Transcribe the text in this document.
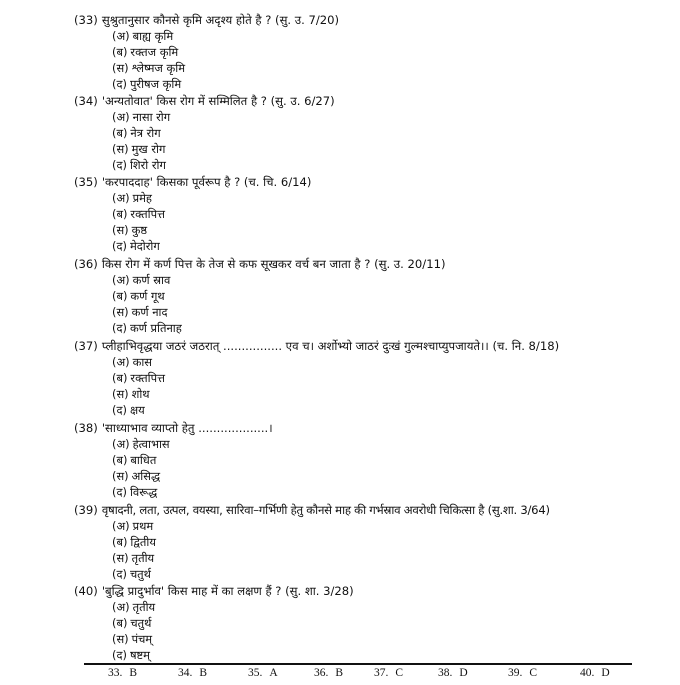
(33) सुश्रुतानुसार कौनसे कृमि अदृश्य होते है ? (सु. उ. 7/20)
(अ) बाह्य कृमि
(ब) रक्तज कृमि
(स) श्लेष्मज कृमि
(द) पुरीषज कृमि
(34) 'अन्यतोवात' किस रोग में सम्मिलित है ? (सु. उ. 6/27)
(अ) नासा रोग
(ब) नेत्र रोग
(स) मुख रोग
(द) शिरो रोग
(35) 'करपाददाह' किसका पूर्वरूप है ? (च. चि. 6/14)
(अ) प्रमेह
(ब) रक्तपित्त
(स) कुष्ठ
(द) मेदोरोग
(36) किस रोग में कर्ण पित्त के तेज से कफ सूखकर वर्च बन जाता है ? (सु. उ. 20/11)
(अ) कर्ण स्राव
(ब) कर्ण गूथ
(स) कर्ण नाद
(द) कर्ण प्रतिनाह
(37) प्लीहाभिवृद्धया जठरं जठरात् ................ एव च। अर्शोभ्यो जाठरं दुःखं गुल्मश्चाप्युपजायते।। (च. नि. 8/18)
(अ) कास
(ब) रक्तपित्त
(स) शोथ
(द) क्षय
(38) 'साध्याभाव व्याप्तो हेतु ...................।
(अ) हेत्वाभास
(ब) बाधित
(स) असिद्ध
(द) विरूद्ध
(39) वृषादनी, लता, उत्पल, वयस्या, सारिवा–गर्भिणी हेतु कौनसे माह की गर्भस्राव अवरोधी चिकित्सा है (सु.शा. 3/64)
(अ) प्रथम
(ब) द्वितीय
(स) तृतीय
(द) चतुर्थ
(40) 'बुद्धि प्रादुर्भाव' किस माह में का लक्षण हैं ? (सु. शा. 3/28)
(अ) तृतीय
(ब) चतुर्थ
(स) पंचम्
(द) षष्टम्
33. B	34. B	35. A	36. B	37. C	38. D	39. C	40. D
